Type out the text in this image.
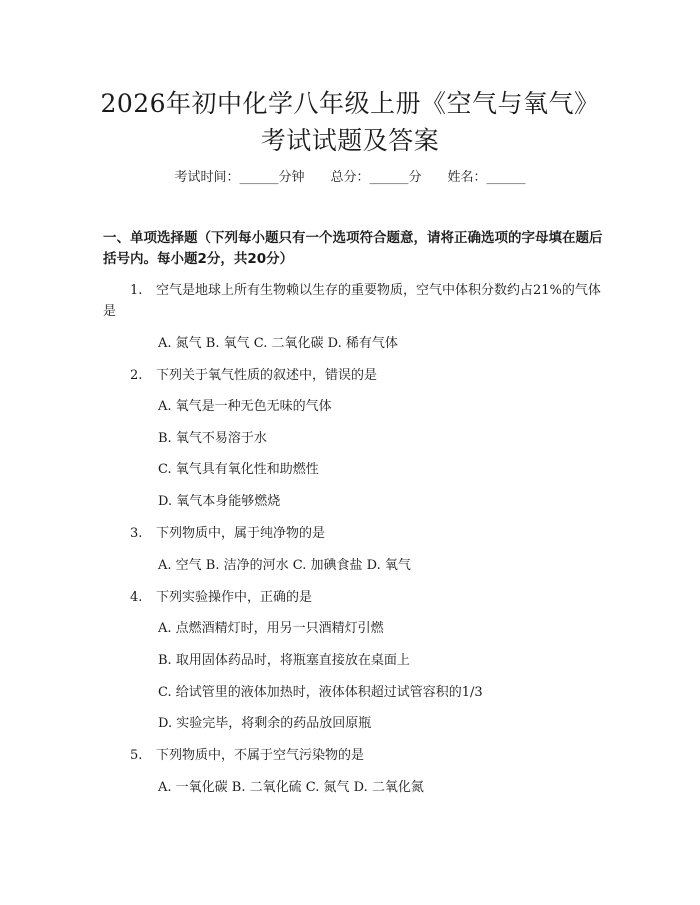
2026年初中化学八年级上册《空气与氧气》
考试试题及答案
考试时间：______分钟 总分：______分 姓名：______
一、单项选择题（下列每小题只有一个选项符合题意，请将正确选项的字母填在题后括号内。每小题2分，共20分）
1. 空气是地球上所有生物赖以生存的重要物质，空气中体积分数约占21%的气体是
A. 氮气 B. 氧气 C. 二氧化碳 D. 稀有气体
2. 下列关于氧气性质的叙述中，错误的是
A. 氧气是一种无色无味的气体
B. 氧气不易溶于水
C. 氧气具有氧化性和助燃性
D. 氧气本身能够燃烧
3. 下列物质中，属于纯净物的是
A. 空气 B. 洁净的河水 C. 加碘食盐 D. 氧气
4. 下列实验操作中，正确的是
A. 点燃酒精灯时，用另一只酒精灯引燃
B. 取用固体药品时，将瓶塞直接放在桌面上
C. 给试管里的液体加热时，液体体积超过试管容积的1/3
D. 实验完毕，将剩余的药品放回原瓶
5. 下列物质中，不属于空气污染物的是
A. 一氧化碳 B. 二氧化硫 C. 氮气 D. 二氧化氮
